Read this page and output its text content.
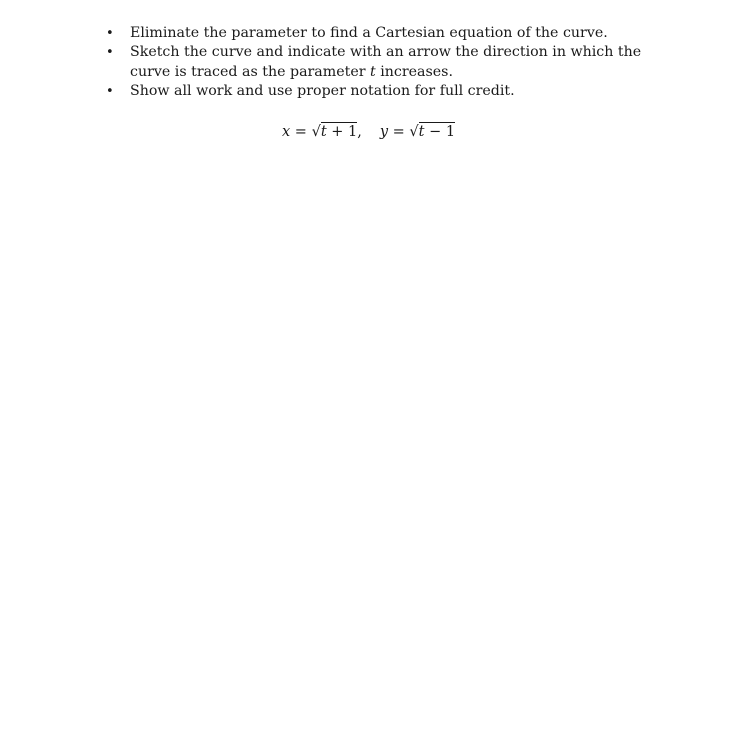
• Eliminate the parameter to find a Cartesian equation of the curve.
• Sketch the curve and indicate with an arrow the direction in which the curve is traced as the parameter t increases.
• Show all work and use proper notation for full credit.
x = √t + 1, y = √t − 1
